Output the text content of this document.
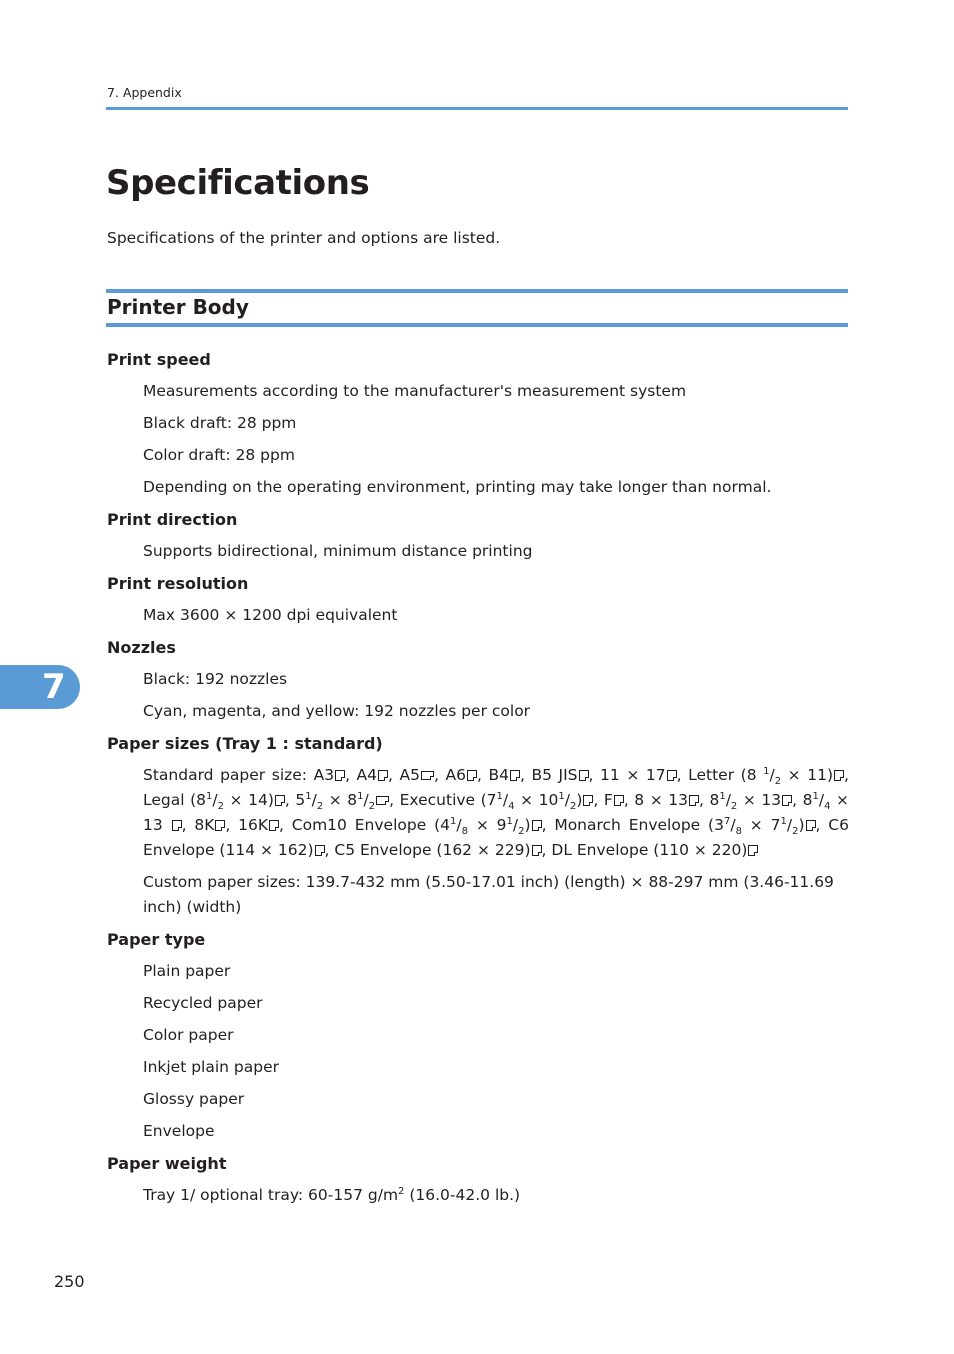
7. Appendix
Specifications
Specifications of the printer and options are listed.
Printer Body
Print speed
Measurements according to the manufacturer's measurement system
Black draft: 28 ppm
Color draft: 28 ppm
Depending on the operating environment, printing may take longer than normal.
Print direction
Supports bidirectional, minimum distance printing
Print resolution
Max 3600 × 1200 dpi equivalent
Nozzles
Black: 192 nozzles
Cyan, magenta, and yellow: 192 nozzles per color
Paper sizes (Tray 1 : standard)
Standard paper size: A3 , A4 , A5 , A6 , B4 , B5 JIS , 11 × 17 , Letter (8 $^1/_2 \times 11$) , Legal $(8^1/_2 \times 14)$ , $5^1/_2 \times 8^1/_2$ , Executive $(7^1/_4 \times 10^1/_2)$ , F , 8 × 13 , $8^1/_2 \times 13$ , $8^1/_4 \times 13$ , 8K , 16K , Com10 Envelope $(4^1/_8 \times 9^1/_2)$ , Monarch Envelope $(3^7/_8 \times 7^1/_2)$ , C6 Envelope (114 × 162) , C5 Envelope (162 × 229) , DL Envelope (110 × 220)
Custom paper sizes: 139.7-432 mm (5.50-17.01 inch) (length) × 88-297 mm (3.46-11.69 inch) (width)
Paper type
Plain paper
Recycled paper
Color paper
Inkjet plain paper
Glossy paper
Envelope
Paper weight
Tray 1/ optional tray: 60-157 $g/m^2$ (16.0-42.0 lb.)
7
250
